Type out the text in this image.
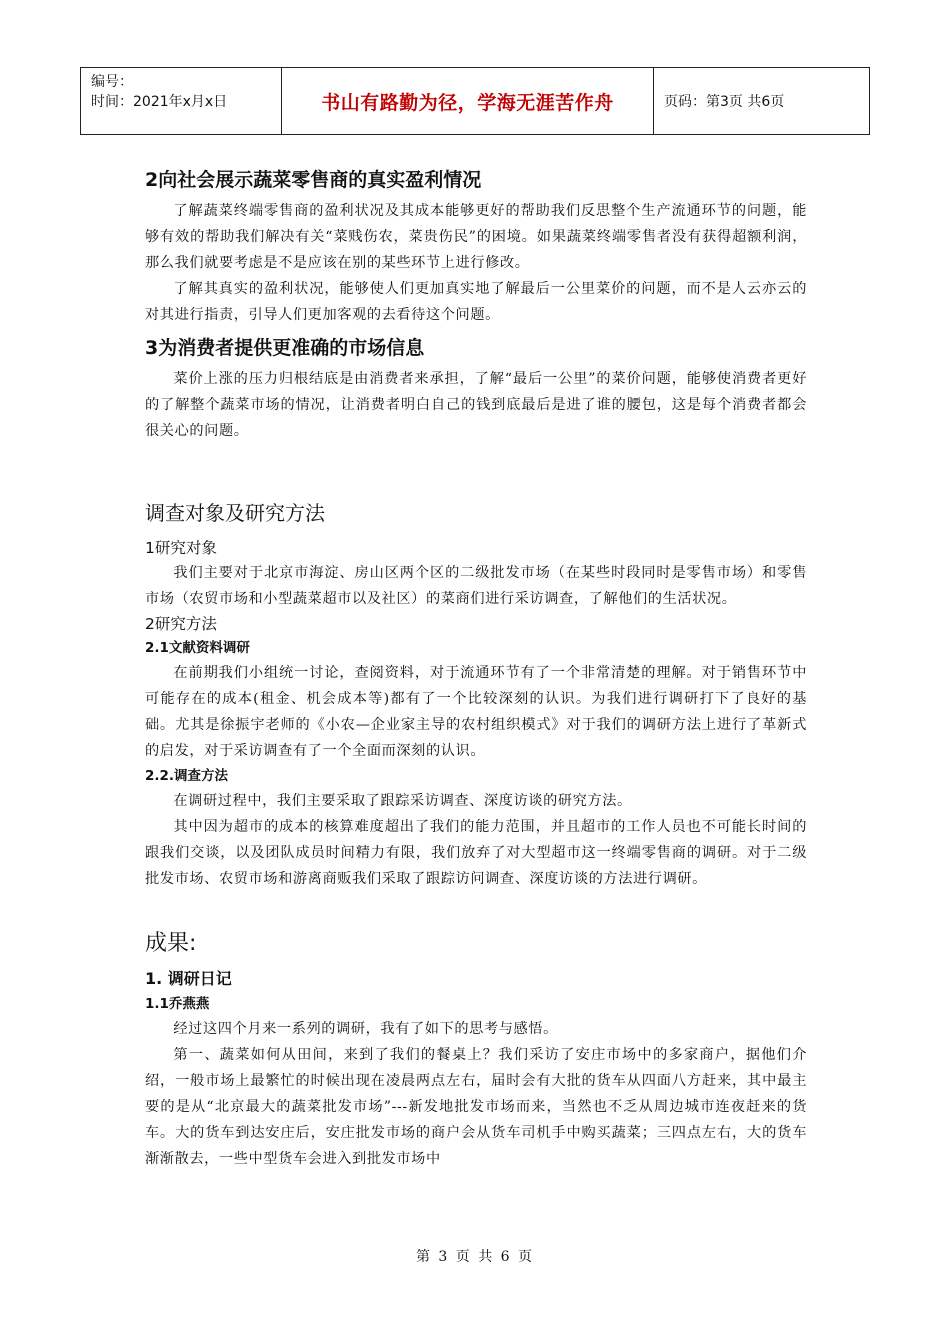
编号：
时间：2021年x月x日	书山有路勤为径，学海无涯苦作舟	页码：第3页 共6页
2向社会展示蔬菜零售商的真实盈利情况

了解蔬菜终端零售商的盈利状况及其成本能够更好的帮助我们反思整个生产流通环节的问题，能够有效的帮助我们解决有关“菜贱伤农，菜贵伤民”的困境。如果蔬菜终端零售者没有获得超额利润，那么我们就要考虑是不是应该在别的某些环节上进行修改。

了解其真实的盈利状况，能够使人们更加真实地了解最后一公里菜价的问题，而不是人云亦云的对其进行指责，引导人们更加客观的去看待这个问题。

3为消费者提供更准确的市场信息

菜价上涨的压力归根结底是由消费者来承担，了解“最后一公里”的菜价问题，能够使消费者更好的了解整个蔬菜市场的情况，让消费者明白自己的钱到底最后是进了谁的腰包，这是每个消费者都会很关心的问题。

调查对象及研究方法
1研究对象

我们主要对于北京市海淀、房山区两个区的二级批发市场（在某些时段同时是零售市场）和零售市场（农贸市场和小型蔬菜超市以及社区）的菜商们进行采访调查，了解他们的生活状况。

2研究方法
2.1文献资料调研

在前期我们小组统一讨论，查阅资料，对于流通环节有了一个非常清楚的理解。对于销售环节中可能存在的成本(租金、机会成本等)都有了一个比较深刻的认识。为我们进行调研打下了良好的基础。尤其是徐振宇老师的《小农—企业家主导的农村组织模式》对于我们的调研方法上进行了革新式的启发，对于采访调查有了一个全面而深刻的认识。

2.2.调查方法

在调研过程中，我们主要采取了跟踪采访调查、深度访谈的研究方法。

其中因为超市的成本的核算难度超出了我们的能力范围，并且超市的工作人员也不可能长时间的跟我们交谈，以及团队成员时间精力有限，我们放弃了对大型超市这一终端零售商的调研。对于二级批发市场、农贸市场和游离商贩我们采取了跟踪访问调查、深度访谈的方法进行调研。

成果:
1. 调研日记
1.1乔燕燕

经过这四个月来一系列的调研，我有了如下的思考与感悟。

第一、蔬菜如何从田间，来到了我们的餐桌上？我们采访了安庄市场中的多家商户，据他们介绍，一般市场上最繁忙的时候出现在凌晨两点左右，届时会有大批的货车从四面八方赶来，其中最主要的是从“北京最大的蔬菜批发市场”---新发地批发市场而来，当然也不乏从周边城市连夜赶来的货车。大的货车到达安庄后，安庄批发市场的商户会从货车司机手中购买蔬菜；三四点左右，大的货车渐渐散去，一些中型货车会进入到批发市场中

第 3 页 共 6 页
